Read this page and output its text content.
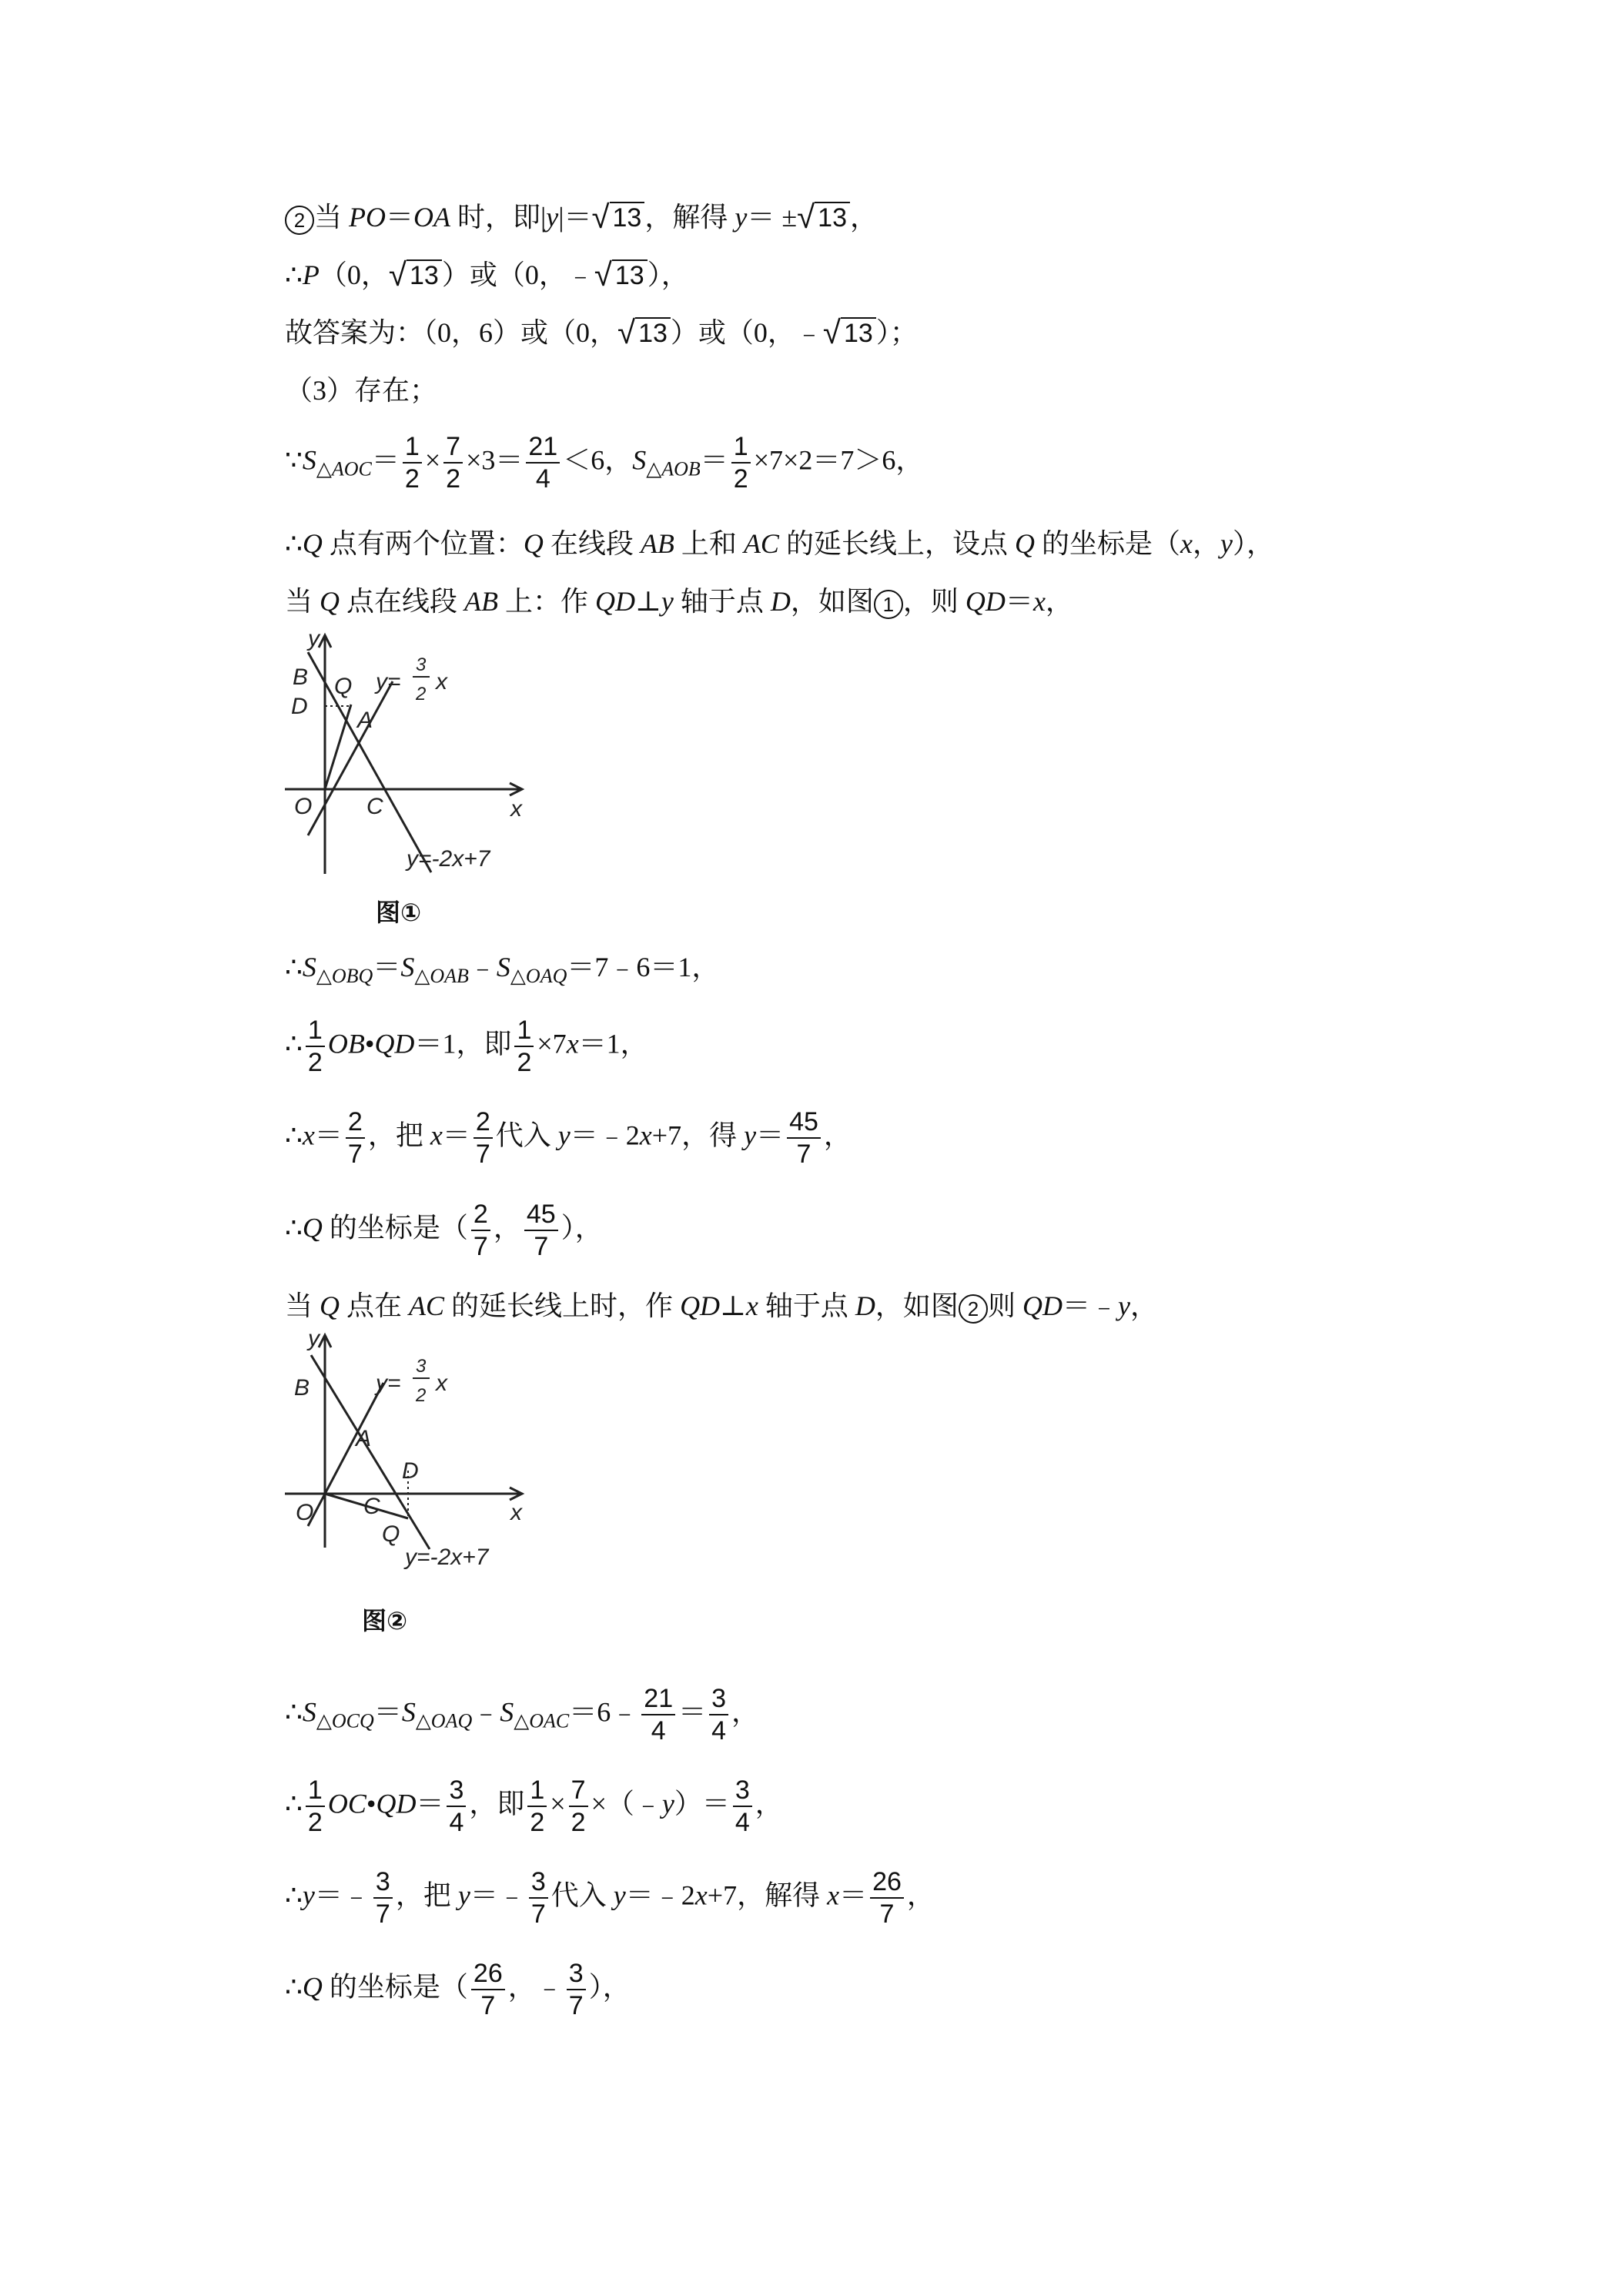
2 当 PO＝OA 时，即|y|＝√ 13 ，解得 y＝ ±√ 13 ，
∴P（0，√ 13 ）或（0，﹣√ 13 ），
故答案为：（0，6）或（0，√ 13 ）或（0，﹣√ 13 ）；
（3）存在；
$\because S_{\triangle AOC}= \frac{1}{2} \times \frac{7}{2} \times 3= \frac{21}{4} <6$，$S_{\triangle AOB}= \frac{1}{2} \times 7\times 2=7>6$，
∴Q 点有两个位置：Q 在线段 AB 上和 AC 的延长线上，设点 Q 的坐标是（x，y），
当 Q 点在线段 AB 上：作 QD⊥y 轴于点 D，如图 1 ，则 QD＝x，
y
x
B Q
D
A
O C
y=
3
2 x
y=-2x+7
图①
$\therefore S_{\triangle OBQ}=S_{\triangle OAB}﹣S_{\triangle OAQ}=7﹣6=1$，
∴ $\frac{1}{2}$ OB•QD＝1，即 $\frac{1}{2} \times 7x=1$，
∴x＝ $\frac{2}{7}$ ，把 $x= \frac{2}{7}$ 代入 y＝﹣2x+7，得 $y= \frac{45}{7}$ ，
∴Q 的坐标是（ $\frac{2}{7}$ ， $\frac{45}{7}$ ），
当 Q 点在 AC 的延长线上时，作 QD⊥x 轴于点 D，如图 2 则 QD＝﹣y，
y
x
B
A
D
O C
Q
y=
3
2 x
y=-2x+7
图②
$\therefore S_{\triangle OCQ}=S_{\triangle OAQ}﹣S_{\triangle OAC}=6﹣ \frac{21}{4} = \frac{3}{4}$ ，
∴ $\frac{1}{2}$ OC•QD＝ $\frac{3}{4}$ ，即 $\frac{1}{2} \times \frac{7}{2}$ ×（﹣y）＝ $\frac{3}{4}$ ，
∴y＝﹣ $\frac{3}{7}$ ，把 y＝﹣ $\frac{3}{7}$ 代入 y＝﹣2x+7，解得 $x= \frac{26}{7}$ ，
∴Q 的坐标是（ $\frac{26}{7}$ ，﹣ $\frac{3}{7}$ ），
